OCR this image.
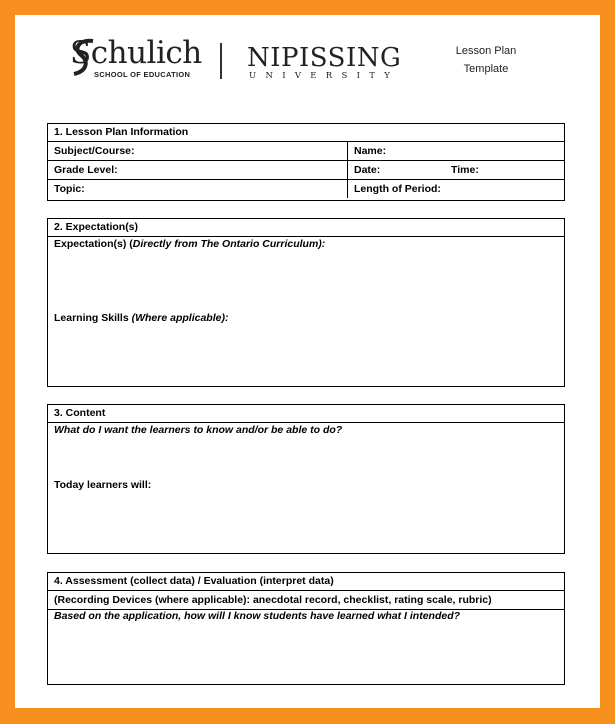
Schulich
SCHOOL OF EDUCATION
NIPISSING
UNIVERSITY
Lesson Plan
Template
1. Lesson Plan Information
Subject/Course:	Name:
Grade Level:	Date:	Time:
Topic:	Length of Period:
2. Expectation(s)
Expectation(s) (Directly from The Ontario Curriculum):
Learning Skills (Where applicable):
3. Content
What do I want the learners to know and/or be able to do?
Today learners will:
4. Assessment (collect data) / Evaluation (interpret data)
(Recording Devices (where applicable): anecdotal record, checklist, rating scale, rubric)
Based on the application, how will I know students have learned what I intended?
